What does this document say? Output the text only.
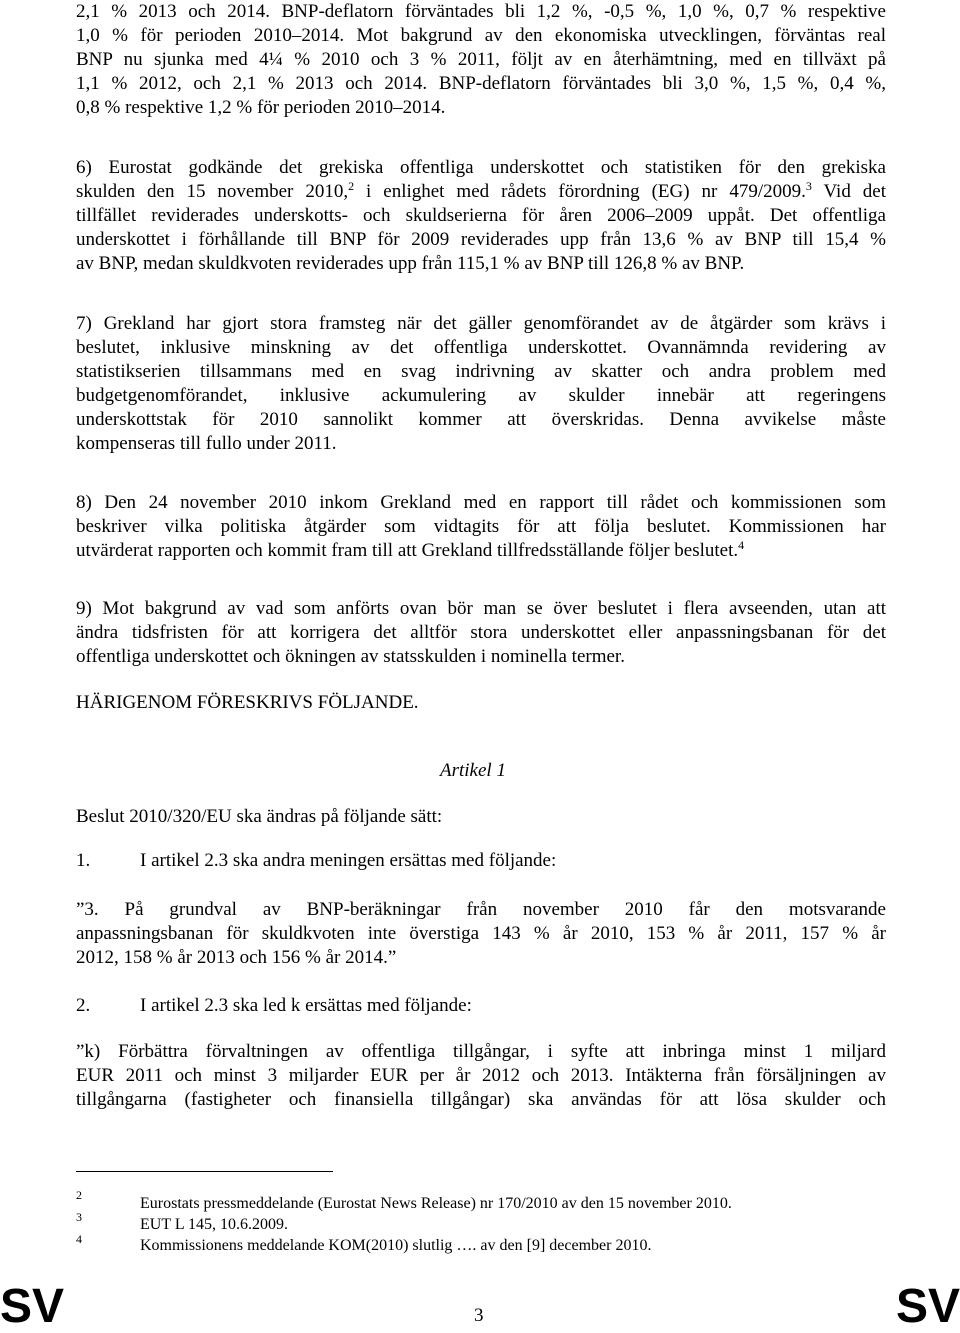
2,1 % 2013 och 2014. BNP-deflatorn förväntades bli 1,2 %, -0,5 %, 1,0 %, 0,7 % respektive
1,0 % för perioden 2010–2014. Mot bakgrund av den ekonomiska utvecklingen, förväntas real
BNP nu sjunka med 4¼ % 2010 och 3 % 2011, följt av en återhämtning, med en tillväxt på
1,1 % 2012, och 2,1 % 2013 och 2014. BNP-deflatorn förväntades bli 3,0 %, 1,5 %, 0,4 %,
0,8 % respektive 1,2 % för perioden 2010–2014.
6) Eurostat godkände det grekiska offentliga underskottet och statistiken för den grekiska
skulden den 15 november 2010,$^2$ i enlighet med rådets förordning (EG) nr 479/2009.$^3$ Vid det
tillfället reviderades underskotts- och skuldserierna för åren 2006–2009 uppåt. Det offentliga
underskottet i förhållande till BNP för 2009 reviderades upp från 13,6 % av BNP till 15,4 %
av BNP, medan skuldkvoten reviderades upp från 115,1 % av BNP till 126,8 % av BNP.
7) Grekland har gjort stora framsteg när det gäller genomförandet av de åtgärder som krävs i
beslutet, inklusive minskning av det offentliga underskottet. Ovannämnda revidering av
statistikserien tillsammans med en svag indrivning av skatter och andra problem med
budgetgenomförandet, inklusive ackumulering av skulder innebär att regeringens
underskottstak för 2010 sannolikt kommer att överskridas. Denna avvikelse måste
kompenseras till fullo under 2011.
8) Den 24 november 2010 inkom Grekland med en rapport till rådet och kommissionen som
beskriver vilka politiska åtgärder som vidtagits för att följa beslutet. Kommissionen har
utvärderat rapporten och kommit fram till att Grekland tillfredsställande följer beslutet.$^4$
9) Mot bakgrund av vad som anförts ovan bör man se över beslutet i flera avseenden, utan att
ändra tidsfristen för att korrigera det alltför stora underskottet eller anpassningsbanan för det
offentliga underskottet och ökningen av statsskulden i nominella termer.
HÄRIGENOM FÖRESKRIVS FÖLJANDE.
Artikel 1
Beslut 2010/320/EU ska ändras på följande sätt:
1.	I artikel 2.3 ska andra meningen ersättas med följande:
”3. På grundval av BNP-beräkningar från november 2010 får den motsvarande
anpassningsbanan för skuldkvoten inte överstiga 143 % år 2010, 153 % år 2011, 157 % år
2012, 158 % år 2013 och 156 % år 2014.”
2.	I artikel 2.3 ska led k ersättas med följande:
”k) Förbättra förvaltningen av offentliga tillgångar, i syfte att inbringa minst 1 miljard
EUR 2011 och minst 3 miljarder EUR per år 2012 och 2013. Intäkterna från försäljningen av
tillgångarna (fastigheter och finansiella tillgångar) ska användas för att lösa skulder och
2	Eurostats pressmeddelande (Eurostat News Release) nr 170/2010 av den 15 november 2010.
3	EUT L 145, 10.6.2009.
4	Kommissionens meddelande KOM(2010) slutlig …. av den [9] december 2010.
SV	3	SV
